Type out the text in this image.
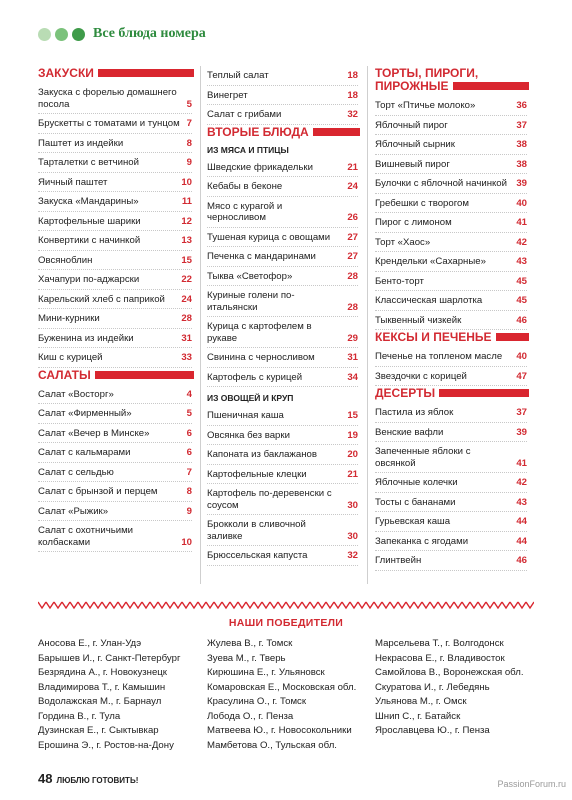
Все блюда номера
ЗАКУСКИ
Закуска с форелью домашнего посола	5
Брускетты с томатами и тунцом 7
Паштет из индейки	8
Тарталетки с ветчиной	9
Яичный паштет	10
Закуска «Мандарины»	11
Картофельные шарики	12
Конвертики с начинкой	13
Овсяноблин	15
Хачапури по-аджарски	22
Карельский хлеб с паприкой	24
Мини-курники	28
Буженина из индейки	31
Киш с курицей	33
САЛАТЫ
Салат «Восторг»	4
Салат «Фирменный»	5
Салат «Вечер в Минске»	6
Салат с кальмарами	6
Салат с сельдью	7
Салат с брынзой и перцем	8
Салат «Рыжик»	9
Салат с охотничьими колбасками	10
Теплый салат	18
Винегрет	18
Салат с грибами	32
ВТОРЫЕ БЛЮДА
ИЗ МЯСА И ПТИЦЫ
Шведские фрикадельки	21
Кебабы в беконе	24
Мясо с курагой и черносливом	26
Тушеная курица с овощами	27
Печенка с мандаринами	27
Тыква «Светофор»	28
Куриные голени по-итальянски	28
Курица с картофелем в рукаве	29
Свинина с черносливом	31
Картофель с курицей	34
ИЗ ОВОЩЕЙ И КРУП
Пшеничная каша	15
Овсянка без варки	19
Капоната из баклажанов	20
Картофельные клецки	21
Картофель по-деревенски с соусом	30
Брокколи в сливочной заливке	30
Брюссельская капуста	32
ТОРТЫ, ПИРОГИ, ПИРОЖНЫЕ
Торт «Птичье молоко»	36
Яблочный пирог	37
Яблочный сырник	38
Вишневый пирог	38
Булочки с яблочной начинкой 39
Гребешки с творогом	40
Пирог с лимоном	41
Торт «Хаос»	42
Крендельки «Сахарные»	43
Бенто-торт	45
Классическая шарлотка	45
Тыквенный чизкейк	46
КЕКСЫ И ПЕЧЕНЬЕ
Печенье на топленом масле	40
Звездочки с корицей	47
ДЕСЕРТЫ
Пастила из яблок	37
Венские вафли	39
Запеченные яблоки с овсянкой	41
Яблочные колечки	42
Тосты с бананами	43
Гурьевская каша	44
Запеканка с ягодами	44
Глинтвейн	46
НАШИ ПОБЕДИТЕЛИ
Аносова Е., г. Улан-Удэ
Барышев И., г. Санкт-Петербург
Безрядина А., г. Новокузнецк
Владимирова Т., г. Камышин
Водолажская М., г. Барнаул
Гордина В., г. Тула
Дузинская Е., г. Сыктывкар
Ерошина Э., г. Ростов-на-Дону
Жулева В., г. Томск
Зуева М., г. Тверь
Кирюшина Е., г. Ульяновск
Комаровская Е., Московская обл.
Красулина О., г. Томск
Лобода О., г. Пенза
Матвеева Ю., г. Новосокольники
Мамбетова О., Тульская обл.
Марсельева Т., г. Волгодонск
Некрасова Е., г. Владивосток
Самойлова В., Воронежская обл.
Скуратова И., г. Лебедянь
Ульянова М., г. Омск
Шнип С., г. Батайск
Ярославцева Ю., г. Пенза
48 ЛЮБЛЮ ГОТОВИТЬ!	PassionForum.ru
